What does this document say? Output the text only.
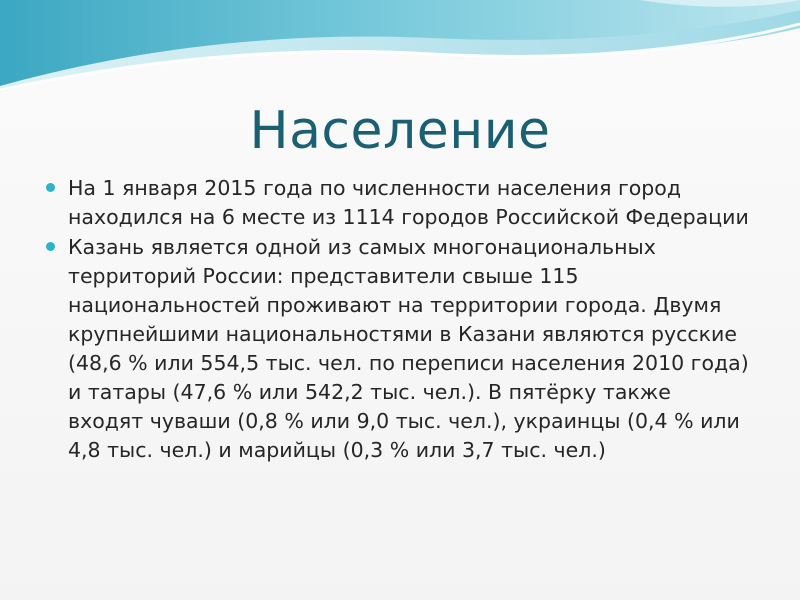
Население
На 1 января 2015 года по численности населения город находился на 6 месте из 1114 городов Российской Федерации
Казань является одной из самых многонациональных территорий России: представители свыше 115 национальностей проживают на территории города. Двумя крупнейшими национальностями в Казани являются русские (48,6 % или 554,5 тыс. чел. по переписи населения 2010 года) и татары (47,6 % или 542,2 тыс. чел.). В пятёрку также входят чуваши (0,8 % или 9,0 тыс. чел.), украинцы (0,4 % или 4,8 тыс. чел.) и марийцы (0,3 % или 3,7 тыс. чел.)
